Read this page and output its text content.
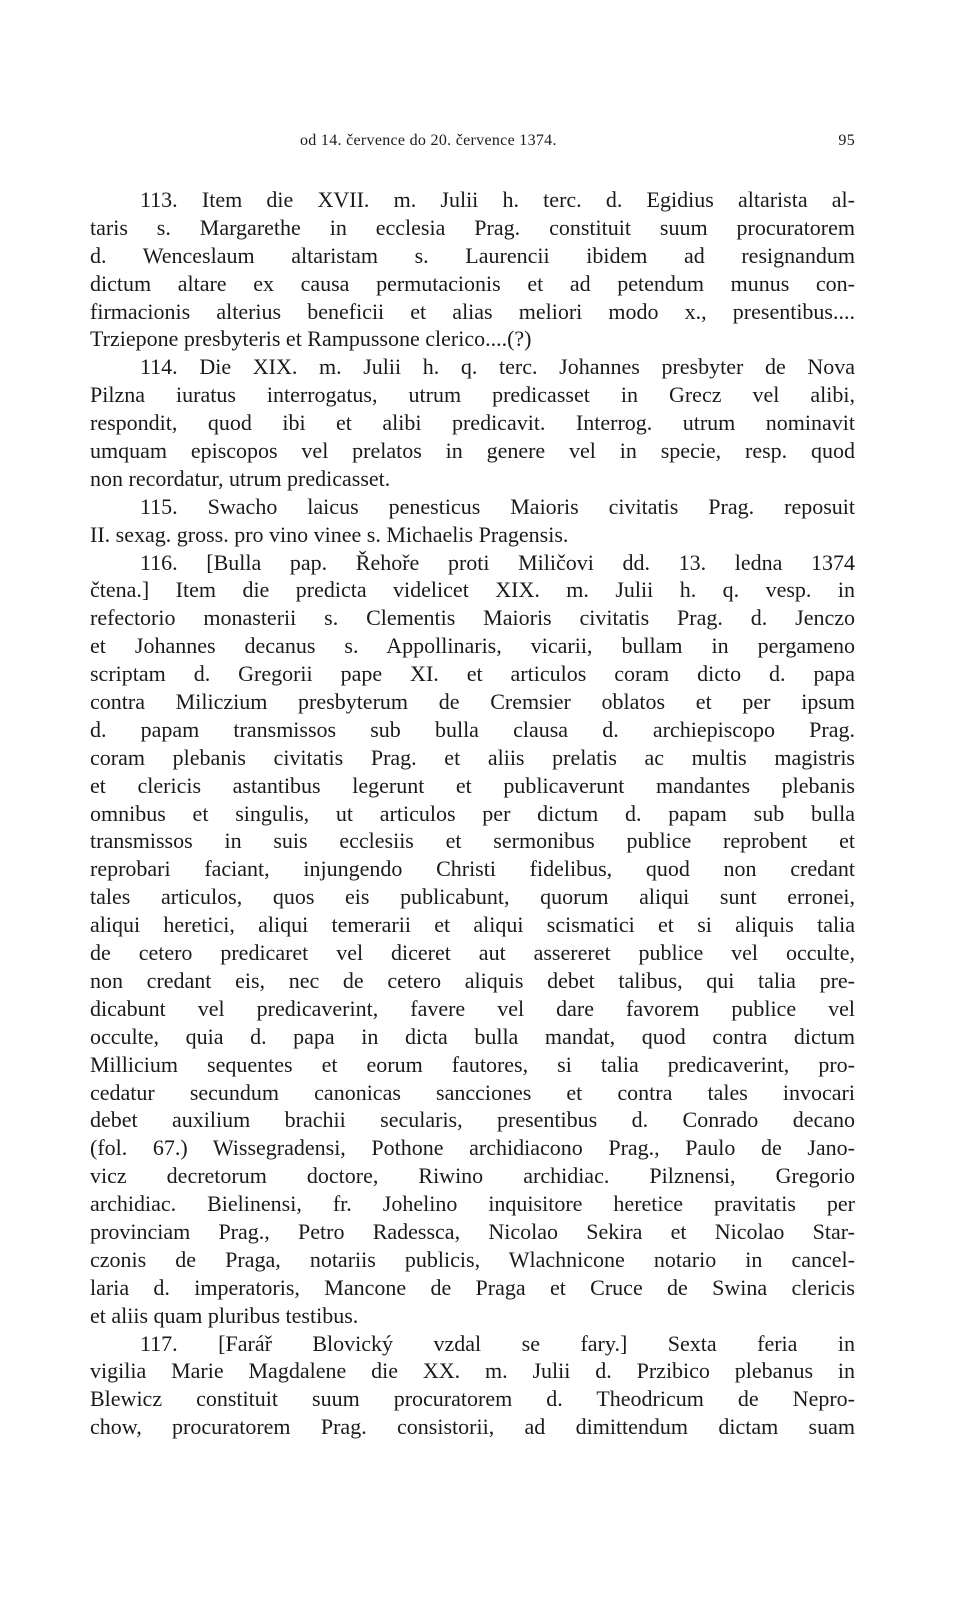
od 14. července do 20. července 1374.	95
113. Item die XVII. m. Julii h. terc. d. Egidius altarista al-
taris s. Margarethe in ecclesia Prag. constituit suum procuratorem
d. Wenceslaum altaristam s. Laurencii ibidem ad resignandum
dictum altare ex causa permutacionis et ad petendum munus con-
firmacionis alterius beneficii et alias meliori modo x., presentibus....
Trziepone presbyteris et Rampussone clerico....(?)
114. Die XIX. m. Julii h. q. terc. Johannes presbyter de Nova
Pilzna iuratus interrogatus, utrum predicasset in Grecz vel alibi,
respondit, quod ibi et alibi predicavit. Interrog. utrum nominavit
umquam episcopos vel prelatos in genere vel in specie, resp. quod
non recordatur, utrum predicasset.
115. Swacho laicus penesticus Maioris civitatis Prag. reposuit
II. sexag. gross. pro vino vinee s. Michaelis Pragensis.
116. [Bulla pap. Řehoře proti Miličovi dd. 13. ledna 1374
čtena.] Item die predicta videlicet XIX. m. Julii h. q. vesp. in
refectorio monasterii s. Clementis Maioris civitatis Prag. d. Jenczo
et Johannes decanus s. Appollinaris, vicarii, bullam in pergameno
scriptam d. Gregorii pape XI. et articulos coram dicto d. papa
contra Miliczium presbyterum de Cremsier oblatos et per ipsum
d. papam transmissos sub bulla clausa d. archiepiscopo Prag.
coram plebanis civitatis Prag. et aliis prelatis ac multis magistris
et clericis astantibus legerunt et publicaverunt mandantes plebanis
omnibus et singulis, ut articulos per dictum d. papam sub bulla
transmissos in suis ecclesiis et sermonibus publice reprobent et
reprobari faciant, injungendo Christi fidelibus, quod non credant
tales articulos, quos eis publicabunt, quorum aliqui sunt erronei,
aliqui heretici, aliqui temerarii et aliqui scismatici et si aliquis talia
de cetero predicaret vel diceret aut assereret publice vel occulte,
non credant eis, nec de cetero aliquis debet talibus, qui talia pre-
dicabunt vel predicaverint, favere vel dare favorem publice vel
occulte, quia d. papa in dicta bulla mandat, quod contra dictum
Millicium sequentes et eorum fautores, si talia predicaverint, pro-
cedatur secundum canonicas sancciones et contra tales invocari
debet auxilium brachii secularis, presentibus d. Conrado decano
(fol. 67.) Wissegradensi, Pothone archidiacono Prag., Paulo de Jano-
vicz decretorum doctore, Riwino archidiac. Pilznensi, Gregorio
archidiac. Bielinensi, fr. Johelino inquisitore heretice pravitatis per
provinciam Prag., Petro Radessca, Nicolao Sekira et Nicolao Star-
czonis de Praga, notariis publicis, Wlachnicone notario in cancel-
laria d. imperatoris, Mancone de Praga et Cruce de Swina clericis
et aliis quam pluribus testibus.
117. [Farář Blovický vzdal se fary.] Sexta feria in
vigilia Marie Magdalene die XX. m. Julii d. Przibico plebanus in
Blewicz constituit suum procuratorem d. Theodricum de Nepro-
chow, procuratorem Prag. consistorii, ad dimittendum dictam suam
